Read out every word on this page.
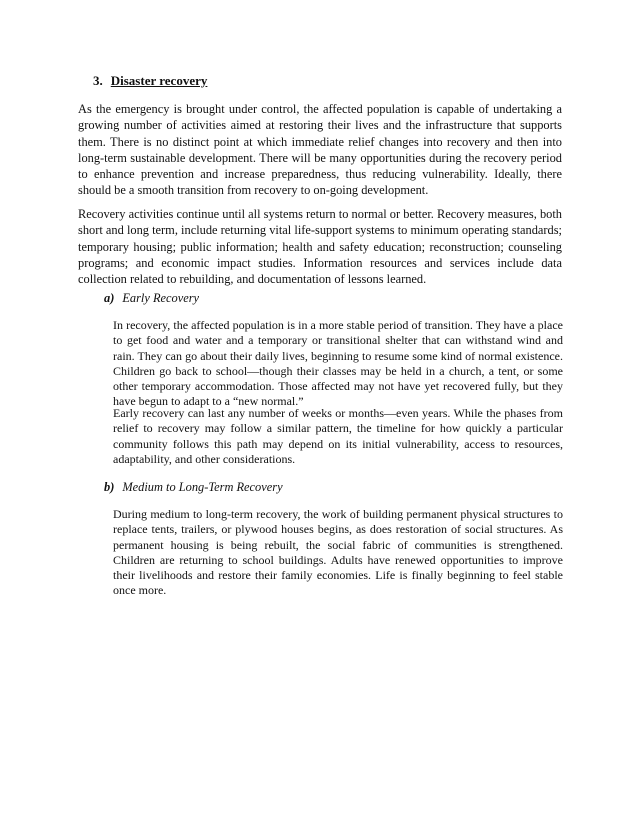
3. Disaster recovery

As the emergency is brought under control, the affected population is capable of undertaking a growing number of activities aimed at restoring their lives and the infrastructure that supports them. There is no distinct point at which immediate relief changes into recovery and then into long-term sustainable development. There will be many opportunities during the recovery period to enhance prevention and increase preparedness, thus reducing vulnerability. Ideally, there should be a smooth transition from recovery to on-going development.

Recovery activities continue until all systems return to normal or better. Recovery measures, both short and long term, include returning vital life-support systems to minimum operating standards; temporary housing; public information; health and safety education; reconstruction; counseling programs; and economic impact studies. Information resources and services include data collection related to rebuilding, and documentation of lessons learned.

a) Early Recovery

In recovery, the affected population is in a more stable period of transition. They have a place to get food and water and a temporary or transitional shelter that can withstand wind and rain. They can go about their daily lives, beginning to resume some kind of normal existence. Children go back to school—though their classes may be held in a church, a tent, or some other temporary accommodation. Those affected may not have yet recovered fully, but they have begun to adapt to a “new normal.”

Early recovery can last any number of weeks or months—even years. While the phases from relief to recovery may follow a similar pattern, the timeline for how quickly a particular community follows this path may depend on its initial vulnerability, access to resources, adaptability, and other considerations.

b) Medium to Long-Term Recovery

During medium to long-term recovery, the work of building permanent physical structures to replace tents, trailers, or plywood houses begins, as does restoration of social structures. As permanent housing is being rebuilt, the social fabric of communities is strengthened. Children are returning to school buildings. Adults have renewed opportunities to improve their livelihoods and restore their family economies. Life is finally beginning to feel stable once more.
